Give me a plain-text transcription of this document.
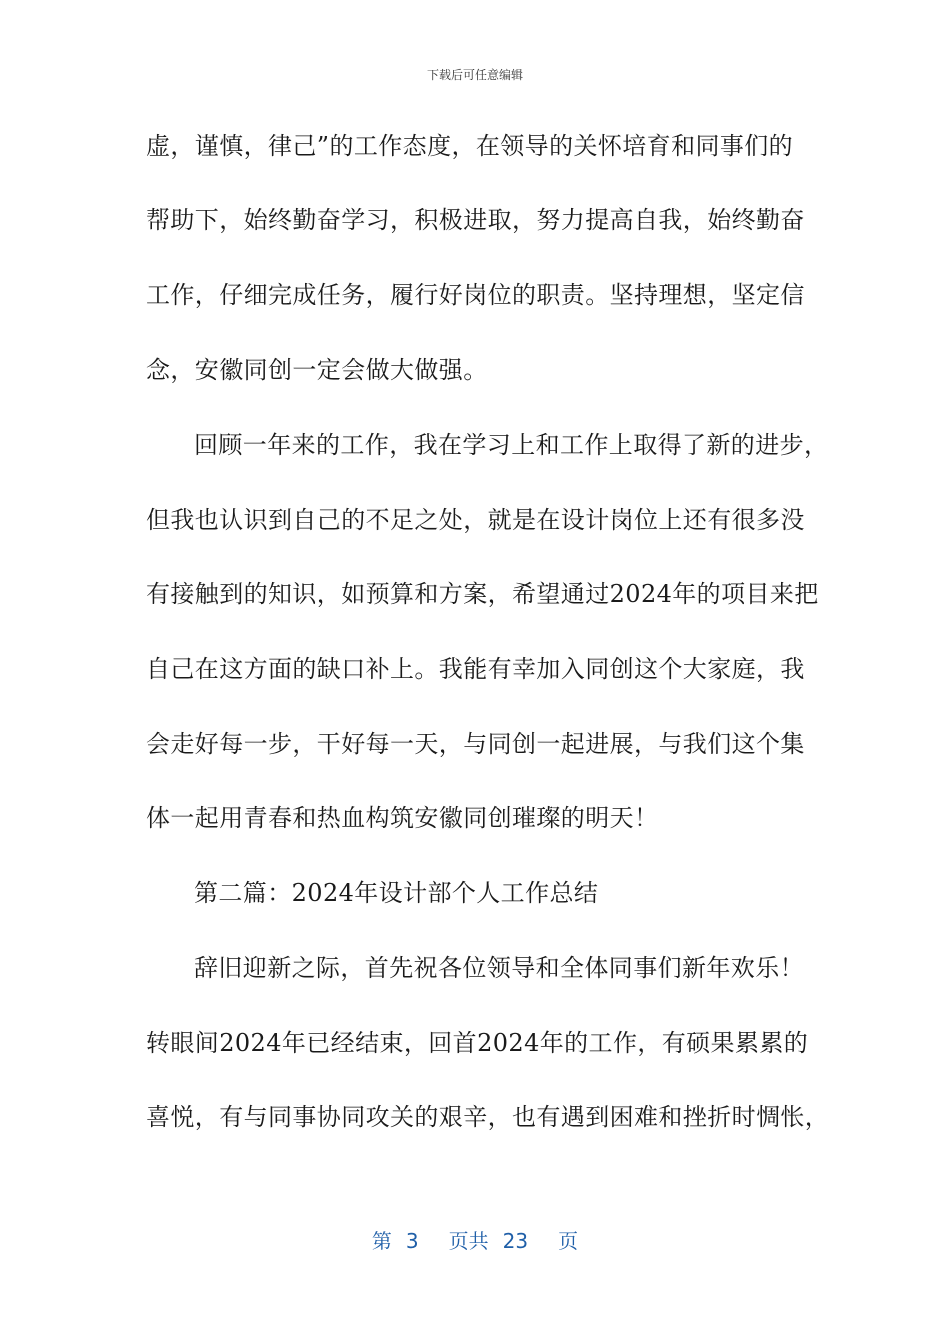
下载后可任意编辑
虚，谨慎，律己”的工作态度，在领导的关怀培育和同事们的
帮助下，始终勤奋学习，积极进取，努力提高自我，始终勤奋
工作，仔细完成任务，履行好岗位的职责。坚持理想，坚定信
念，安徽同创一定会做大做强。
回顾一年来的工作，我在学习上和工作上取得了新的进步，
但我也认识到自己的不足之处，就是在设计岗位上还有很多没
有接触到的知识，如预算和方案，希望通过2024年的项目来把
自己在这方面的缺口补上。我能有幸加入同创这个大家庭，我
会走好每一步，干好每一天，与同创一起进展，与我们这个集
体一起用青春和热血构筑安徽同创璀璨的明天！
第二篇：2024年设计部个人工作总结
辞旧迎新之际，首先祝各位领导和全体同事们新年欢乐！
转眼间2024年已经结束，回首2024年的工作，有硕果累累的
喜悦，有与同事协同攻关的艰辛，也有遇到困难和挫折时惆怅，
第 3 页共 23 页
